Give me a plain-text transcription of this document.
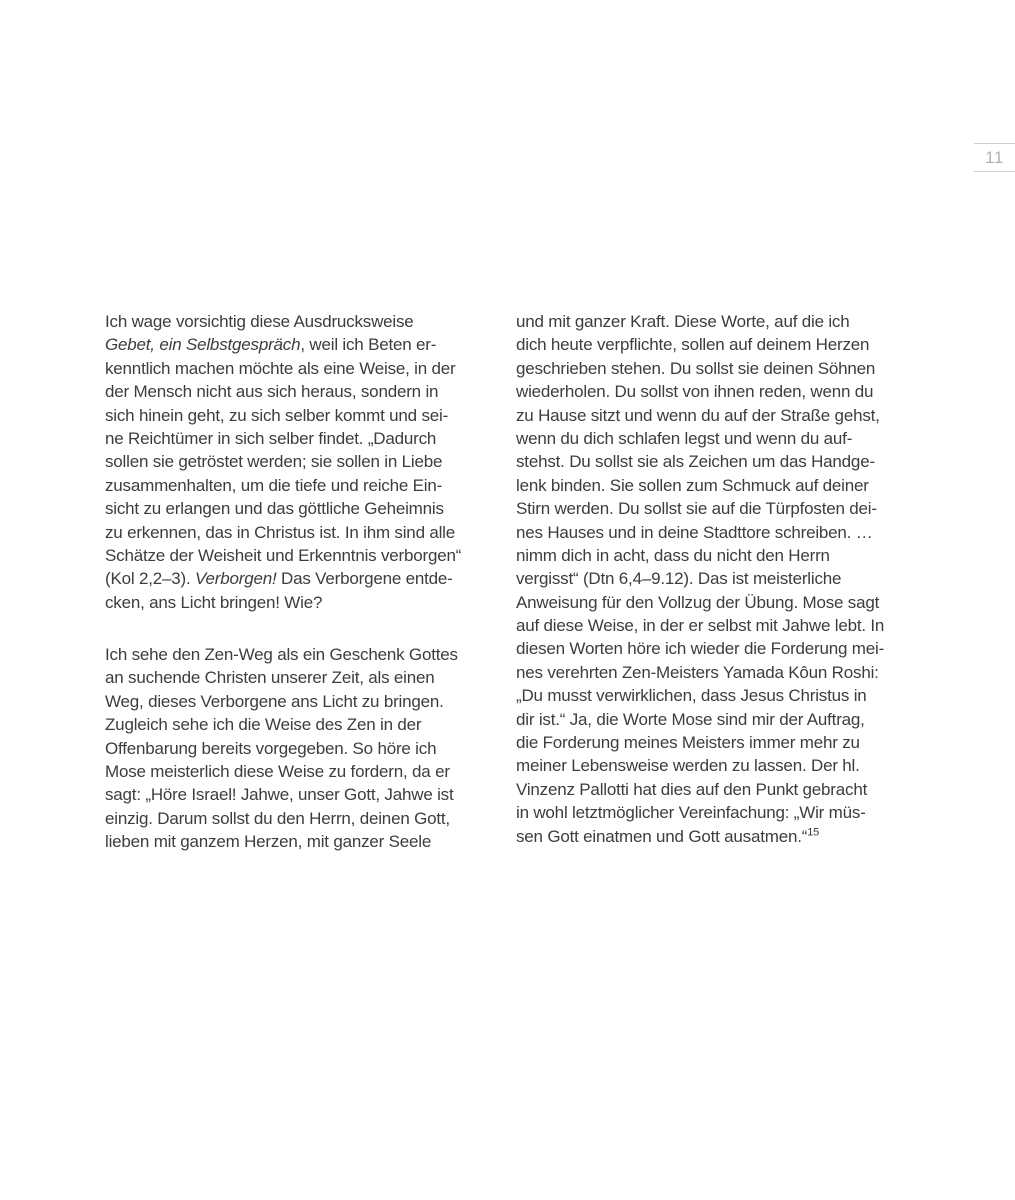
11
Ich wage vorsichtig diese Ausdrucksweise
Gebet, ein Selbstgespräch, weil ich Beten er-
kenntlich machen möchte als eine Weise, in der
der Mensch nicht aus sich heraus, sondern in
sich hinein geht, zu sich selber kommt und sei-
ne Reichtümer in sich selber findet. „Dadurch
sollen sie getröstet werden; sie sollen in Liebe
zusammenhalten, um die tiefe und reiche Ein-
sicht zu erlangen und das göttliche Geheimnis
zu erkennen, das in Christus ist. In ihm sind alle
Schätze der Weisheit und Erkenntnis verborgen“
(Kol 2,2–3). Verborgen! Das Verborgene entde-
cken, ans Licht bringen! Wie?
Ich sehe den Zen-Weg als ein Geschenk Gottes
an suchende Christen unserer Zeit, als einen
Weg, dieses Verborgene ans Licht zu bringen.
Zugleich sehe ich die Weise des Zen in der
Offenbarung bereits vorgegeben. So höre ich
Mose meisterlich diese Weise zu fordern, da er
sagt: „Höre Israel! Jahwe, unser Gott, Jahwe ist
einzig. Darum sollst du den Herrn, deinen Gott,
lieben mit ganzem Herzen, mit ganzer Seele
und mit ganzer Kraft. Diese Worte, auf die ich
dich heute verpflichte, sollen auf deinem Herzen
geschrieben stehen. Du sollst sie deinen Söhnen
wiederholen. Du sollst von ihnen reden, wenn du
zu Hause sitzt und wenn du auf der Straße gehst,
wenn du dich schlafen legst und wenn du auf-
stehst. Du sollst sie als Zeichen um das Handge-
lenk binden. Sie sollen zum Schmuck auf deiner
Stirn werden. Du sollst sie auf die Türpfosten dei-
nes Hauses und in deine Stadttore schreiben. …
nimm dich in acht, dass du nicht den Herrn
vergisst“ (Dtn 6,4–9.12). Das ist meisterliche
Anweisung für den Vollzug der Übung. Mose sagt
auf diese Weise, in der er selbst mit Jahwe lebt. In
diesen Worten höre ich wieder die Forderung mei-
nes verehrten Zen-Meisters Yamada Kôun Roshi:
„Du musst verwirklichen, dass Jesus Christus in
dir ist.“ Ja, die Worte Mose sind mir der Auftrag,
die Forderung meines Meisters immer mehr zu
meiner Lebensweise werden zu lassen. Der hl.
Vinzenz Pallotti hat dies auf den Punkt gebracht
in wohl letztmöglicher Vereinfachung: „Wir müs-
sen Gott einatmen und Gott ausatmen.“$^{15}$
